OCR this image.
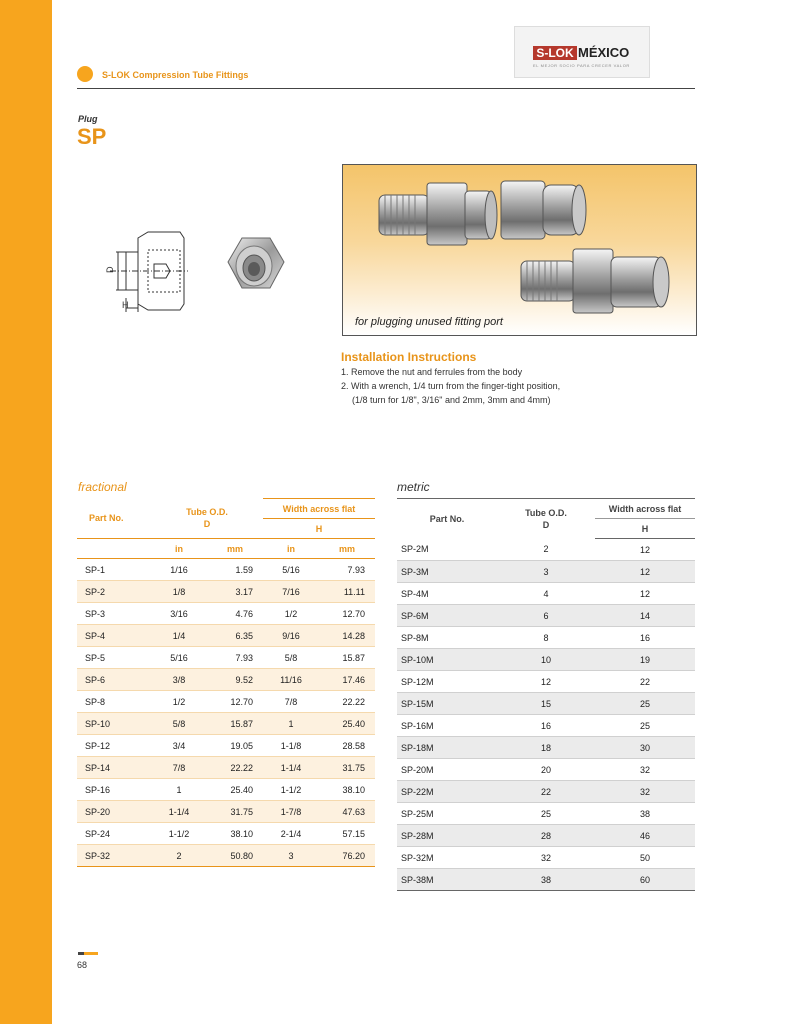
S-LOK Compression Tube Fittings
S-LOK MÉXICO
EL MEJOR SOCIO PARA CRECER VALOR
Plug
SP
D
H
for plugging unused fitting port
Installation Instructions
1. Remove the nut and ferrules from the body
2. With a wrench, 1/4 turn from the finger-tight position,
(1/8 turn for 1/8", 3/16" and 2mm, 3mm and 4mm)
fractional	metric
Part No.	Tube O.D.
D		Width across flat	
			H	
	in	mm	in	mm
SP-1	1/16	1.59	5/16	7.93
SP-2	1/8	3.17	7/16	11.11
SP-3	3/16	4.76	1/2	12.70
SP-4	1/4	6.35	9/16	14.28
SP-5	5/16	7.93	5/8	15.87
SP-6	3/8	9.52	11/16	17.46
SP-8	1/2	12.70	7/8	22.22
SP-10	5/8	15.87	1	25.40
SP-12	3/4	19.05	1-1/8	28.58
SP-14	7/8	22.22	1-1/4	31.75
SP-16	1	25.40	1-1/2	38.10
SP-20	1-1/4	31.75	1-7/8	47.63
SP-24	1-1/2	38.10	2-1/4	57.15
SP-32	2	50.80	3	76.20
Part No.	Tube O.D.
D	Width across flat
		H
SP-2M	2	12
SP-3M	3	12
SP-4M	4	12
SP-6M	6	14
SP-8M	8	16
SP-10M	10	19
SP-12M	12	22
SP-15M	15	25
SP-16M	16	25
SP-18M	18	30
SP-20M	20	32
SP-22M	22	32
SP-25M	25	38
SP-28M	28	46
SP-32M	32	50
SP-38M	38	60
68
